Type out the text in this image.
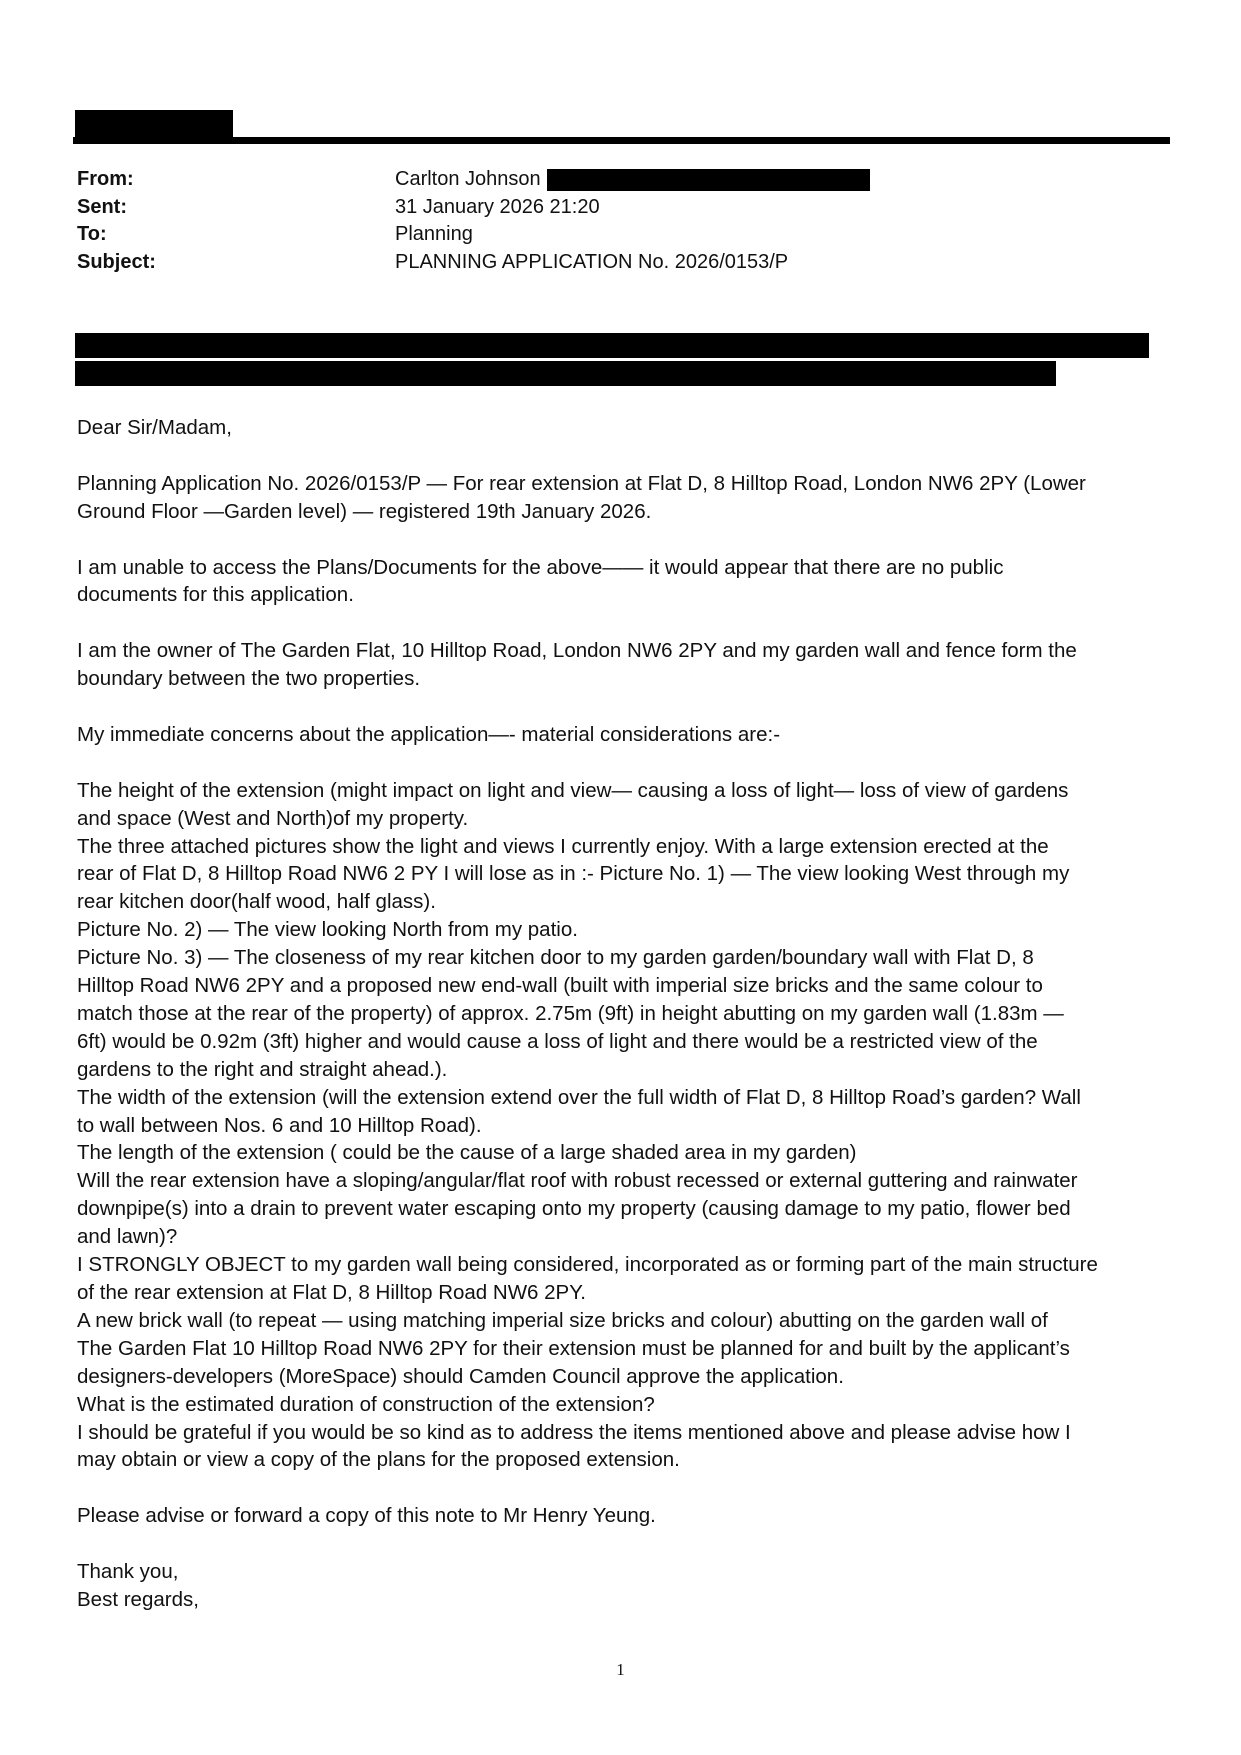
From:	Carlton Johnson
Sent:	31 January 2026 21:20
To:	Planning
Subject:	PLANNING APPLICATION No. 2026/0153/P

Dear Sir/Madam,

Planning Application No. 2026/0153/P — For rear extension at Flat D, 8 Hilltop Road, London NW6 2PY (Lower

Ground Floor —Garden level) — registered 19th January 2026.

I am unable to access the Plans/Documents for the above—— it would appear that there are no public

documents for this application.

I am the owner of The Garden Flat, 10 Hilltop Road, London NW6 2PY and my garden wall and fence form the

boundary between the two properties.

My immediate concerns about the application—- material considerations are:-

The height of the extension (might impact on light and view— causing a loss of light— loss of view of gardens

and space (West and North)of my property.

The three attached pictures show the light and views I currently enjoy. With a large extension erected at the

rear of Flat D, 8 Hilltop Road NW6 2 PY I will lose as in :- Picture No. 1) — The view looking West through my

rear kitchen door(half wood, half glass).

Picture No. 2) — The view looking North from my patio.

Picture No. 3) — The closeness of my rear kitchen door to my garden garden/boundary wall with Flat D, 8

Hilltop Road NW6 2PY and a proposed new end-wall (built with imperial size bricks and the same colour to

match those at the rear of the property) of approx. 2.75m (9ft) in height abutting on my garden wall (1.83m —

6ft) would be 0.92m (3ft) higher and would cause a loss of light and there would be a restricted view of the

gardens to the right and straight ahead.).

The width of the extension (will the extension extend over the full width of Flat D, 8 Hilltop Road’s garden? Wall

to wall between Nos. 6 and 10 Hilltop Road).

The length of the extension ( could be the cause of a large shaded area in my garden)

Will the rear extension have a sloping/angular/flat roof with robust recessed or external guttering and rainwater

downpipe(s) into a drain to prevent water escaping onto my property (causing damage to my patio, flower bed

and lawn)?

I STRONGLY OBJECT to my garden wall being considered, incorporated as or forming part of the main structure

of the rear extension at Flat D, 8 Hilltop Road NW6 2PY.

A new brick wall (to repeat — using matching imperial size bricks and colour) abutting on the garden wall of

The Garden Flat 10 Hilltop Road NW6 2PY for their extension must be planned for and built by the applicant’s

designers-developers (MoreSpace) should Camden Council approve the application.

What is the estimated duration of construction of the extension?

I should be grateful if you would be so kind as to address the items mentioned above and please advise how I

may obtain or view a copy of the plans for the proposed extension.

Please advise or forward a copy of this note to Mr Henry Yeung.

Thank you,

Best regards,

1
